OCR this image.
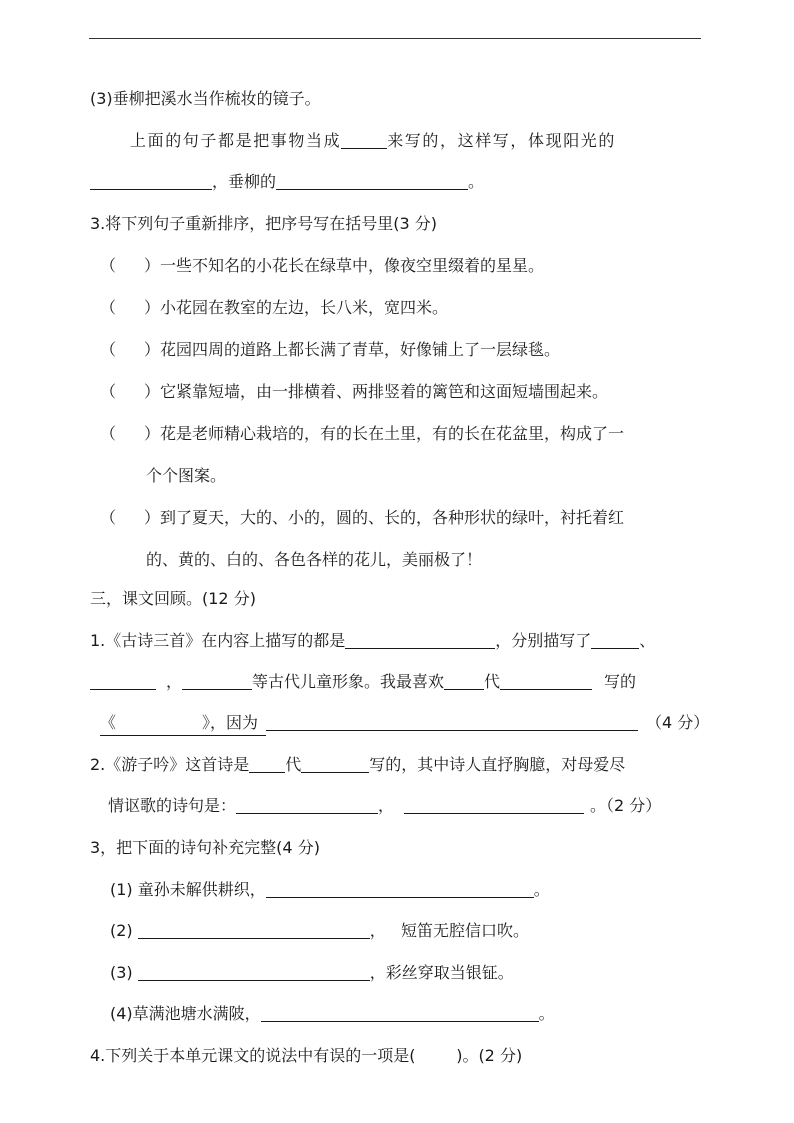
(3)垂柳把溪水当作梳妆的镜子。
上面的句子都是把事物当成	来写的，这样写，体现阳光的
，垂柳的	。
3.将下列句子重新排序，把序号写在括号里(3 分)
（ ）一些不知名的小花长在绿草中，像夜空里缀着的星星。
（ ）小花园在教室的左边，长八米，宽四米。
（ ）花园四周的道路上都长满了青草，好像铺上了一层绿毯。
（ ）它紧靠短墙，由一排横着、两排竖着的篱笆和这面短墙围起来。
（ ）花是老师精心栽培的，有的长在土里，有的长在花盆里，构成了一
个个图案。
（ ）到了夏天，大的、小的，圆的、长的，各种形状的绿叶，衬托着红
的、黄的、白的、各色各样的花儿，美丽极了！
三，课文回顾。(12 分)
1.《古诗三首》在内容上描写的都是	，分别描写了	、
，	等古代儿童形象。我最喜欢	代	写的
《	》，因为	（4 分）
2.《游子吟》这首诗是 代	写的，其中诗人直抒胸臆，对母爱尽
情讴歌的诗句是：	，	。（2 分）
3，把下面的诗句补充完整(4 分)
(1) 童孙未解供耕织，	。
(2)	，   短笛无腔信口吹。
(3)	，彩丝穿取当银钲。
(4)草满池塘水满陂，	。
4.下列关于本单元课文的说法中有误的一项是(        )。(2 分)
